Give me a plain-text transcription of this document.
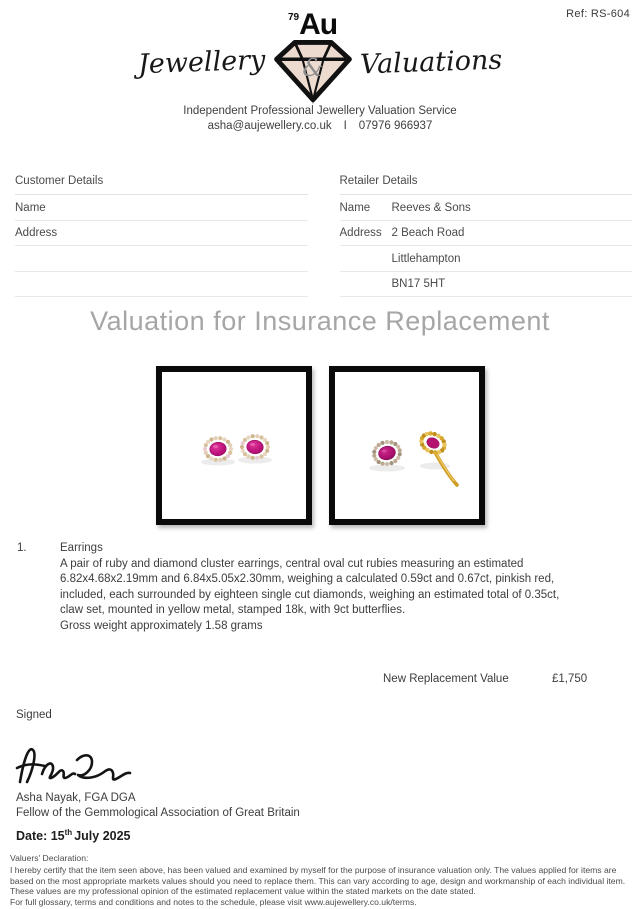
Ref: RS-604
Jewellery
$^{79}$Au
& Valuations
Independent Professional Jewellery Valuation Service
asha@aujewellery.co.uk I 07976 966937
Customer Details
Name
Address
Retailer Details
Name	Reeves & Sons
Address 2 Beach Road
Littlehampton
BN17 5HT
Valuation for Insurance Replacement
1.	Earrings
A pair of ruby and diamond cluster earrings, central oval cut rubies measuring an estimated 6.82x4.68x2.19mm and 6.84x5.05x2.30mm, weighing a calculated 0.59ct and 0.67ct, pinkish red, included, each surrounded by eighteen single cut diamonds, weighing an estimated total of 0.35ct, claw set, mounted in yellow metal, stamped 18k, with 9ct butterflies.
Gross weight approximately 1.58 grams
New Replacement Value	£1,750
Signed
Asha Nayak, FGA DGA
Fellow of the Gemmological Association of Great Britain
Date: 15th July 2025
Valuers' Declaration:
I hereby certify that the item seen above, has been valued and examined by myself for the purpose of insurance valuation only. The values applied for items are based on the most appropriate markets values should you need to replace them. This can vary according to age, design and workmanship of each individual item. These values are my professional opinion of the estimated replacement value within the stated markets on the date stated.
For full glossary, terms and conditions and notes to the schedule, please visit www.aujewellery.co.uk/terms.
